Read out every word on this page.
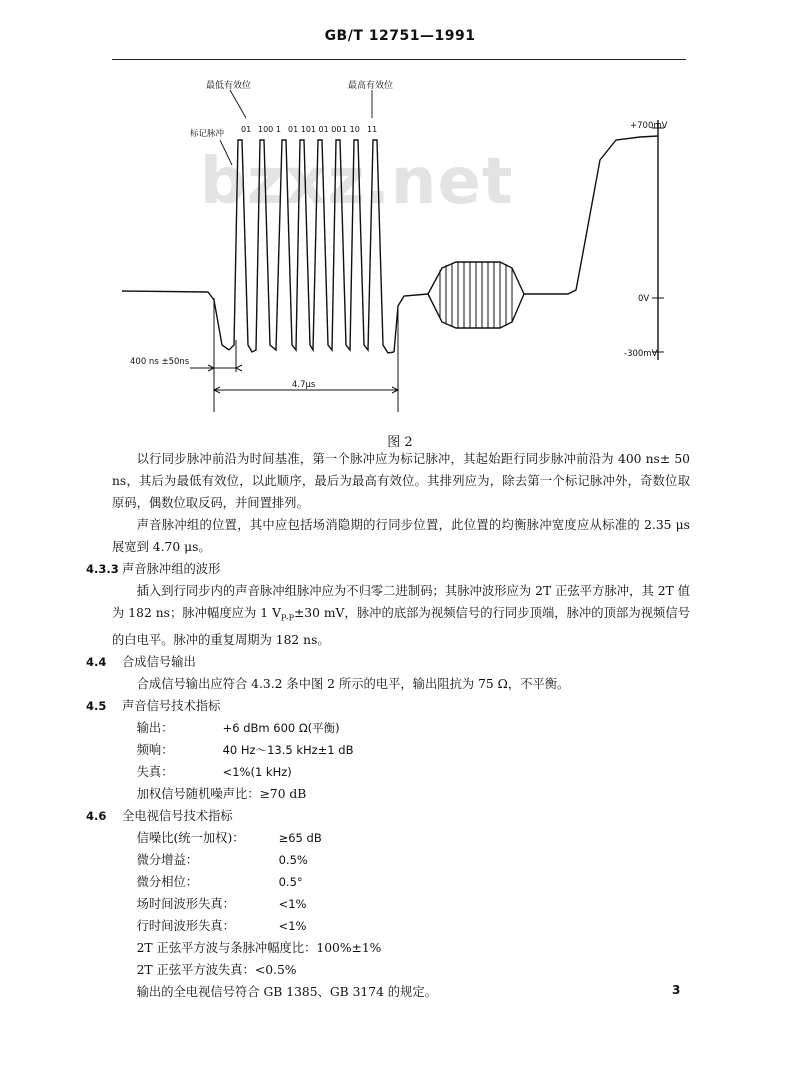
GB/T 12751—1991
bzxz.net
最低有效位	最高有效位
标记脉冲 01 100 1 01 101 01 00 1 10 11	+700mV
0V
-300mV
400 ns ±50ns
4.7μs
图 2

以行同步脉冲前沿为时间基准，第一个脉冲应为标记脉冲，其起始距行同步脉冲前沿为 400 ns± 50 ns，其后为最低有效位，以此顺序，最后为最高有效位。其排列应为，除去第一个标记脉冲外，奇数位取原码，偶数位取反码，并间置排列。

声音脉冲组的位置，其中应包括场消隐期的行同步位置，此位置的均衡脉冲宽度应从标准的 2.35 μs展宽到 4.70 μs。

4.3.3 声音脉冲组的波形

插入到行同步内的声音脉冲组脉冲应为不归零二进制码；其脉冲波形应为 2T 正弦平方脉冲，其 2T 值为 182 ns；脉冲幅度应为 1 $V_{P-P}\pm 30$ mV，脉冲的底部为视频信号的行同步顶端，脉冲的顶部为视频信号的白电平。脉冲的重复周期为 182 ns。

4.4	合成信号输出

合成信号输出应符合 4.3.2 条中图 2 所示的电平，输出阻抗为 75 Ω，不平衡。

4.5	声音信号技术指标
输出：	+6 dBm 600 Ω(平衡)
频响：	40 Hz～13.5 kHz±1 dB
失真：	<1%(1 kHz)

加权信号随机噪声比：≥70 dB

4.6	全电视信号技术指标
信噪比(统一加权)：	≥65 dB
微分增益：	0.5%
微分相位：	0.5°
场时间波形失真：	<1%
行时间波形失真：	<1%

2T 正弦平方波与条脉冲幅度比：100%±1%

2T 正弦平方波失真：<0.5%

输出的全电视信号符合 GB 1385、GB 3174 的规定。	3
